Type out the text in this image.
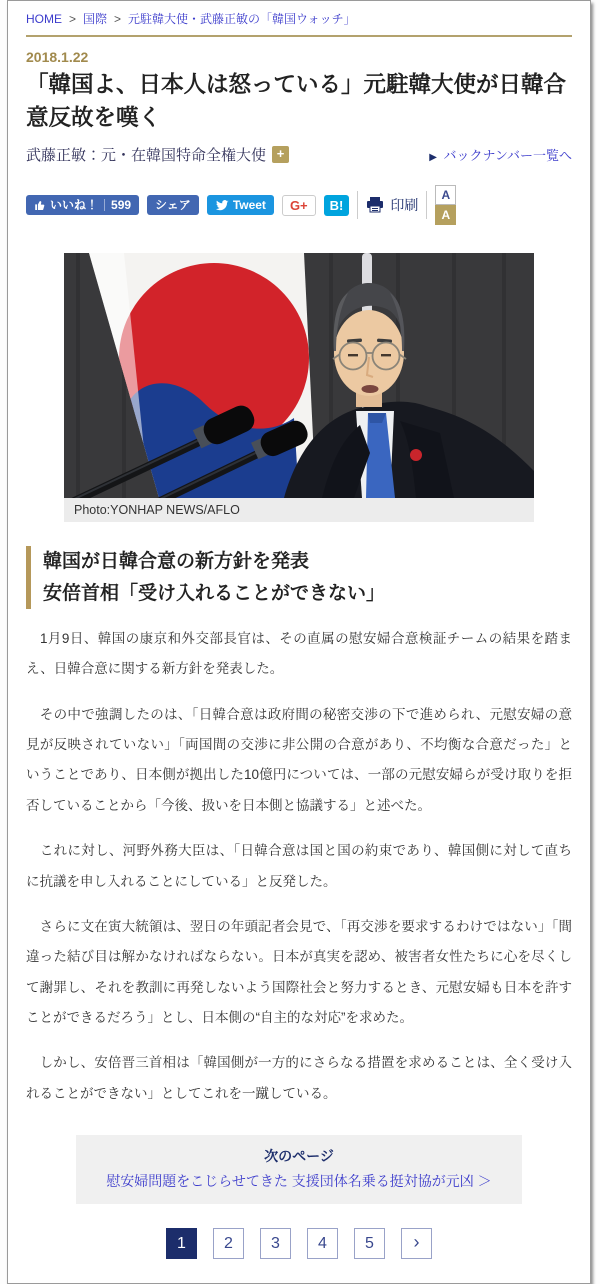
HOME > 国際 > 元駐韓大使・武藤正敏の「韓国ウォッチ」
2018.1.22
「韓国よ、日本人は怒っている」元駐韓大使が日韓合意反故を嘆く
武藤正敏：元・在韓国特命全権大使 +	▶ バックナンバー一覧へ
いいね！	599 シェア	Tweet G+ B!	印刷
A
A
Photo:YONHAP NEWS/AFLO
韓国が日韓合意の新方針を発表
安倍首相「受け入れることができない」

　1月9日、韓国の康京和外交部長官は、その直属の慰安婦合意検証チームの結果を踏まえ、日韓合意に関する新方針を発表した。

　その中で強調したのは、「日韓合意は政府間の秘密交渉の下で進められ、元慰安婦の意見が反映されていない」「両国間の交渉に非公開の合意があり、不均衡な合意だった」ということであり、日本側が拠出した10億円については、一部の元慰安婦らが受け取りを拒否していることから「今後、扱いを日本側と協議する」と述べた。

　これに対し、河野外務大臣は、「日韓合意は国と国の約束であり、韓国側に対して直ちに抗議を申し入れることにしている」と反発した。

　さらに文在寅大統領は、翌日の年頭記者会見で、「再交渉を要求するわけではない」「間違った結び目は解かなければならない。日本が真実を認め、被害者女性たちに心を尽くして謝罪し、それを教訓に再発しないよう国際社会と努力するとき、元慰安婦も日本を許すことができるだろう」とし、日本側の“自主的な対応”を求めた。

　しかし、安倍晋三首相は「韓国側が一方的にさらなる措置を求めることは、全く受け入れることができない」としてこれを一蹴している。

次のページ
慰安婦問題をこじらせてきた 支援団体名乗る挺対協が元凶 ＞
1	2	3	4	5	›
